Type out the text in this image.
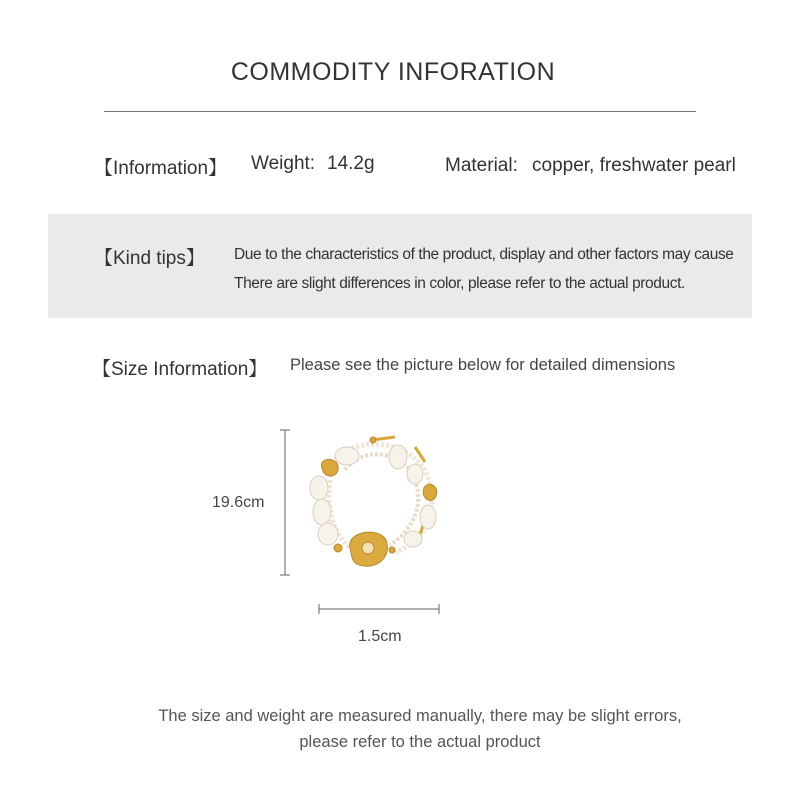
COMMODITY INFORATION
【Information】 Weight: 14.2g	Material: copper, freshwater pearl
【Kind tips】 Due to the characteristics of the product, display and other factors may cause
There are slight differences in color, please refer to the actual product.
【Size Information】 Please see the picture below for detailed dimensions
19.6cm
1.5cm
The size and weight are measured manually, there may be slight errors,
please refer to the actual product
